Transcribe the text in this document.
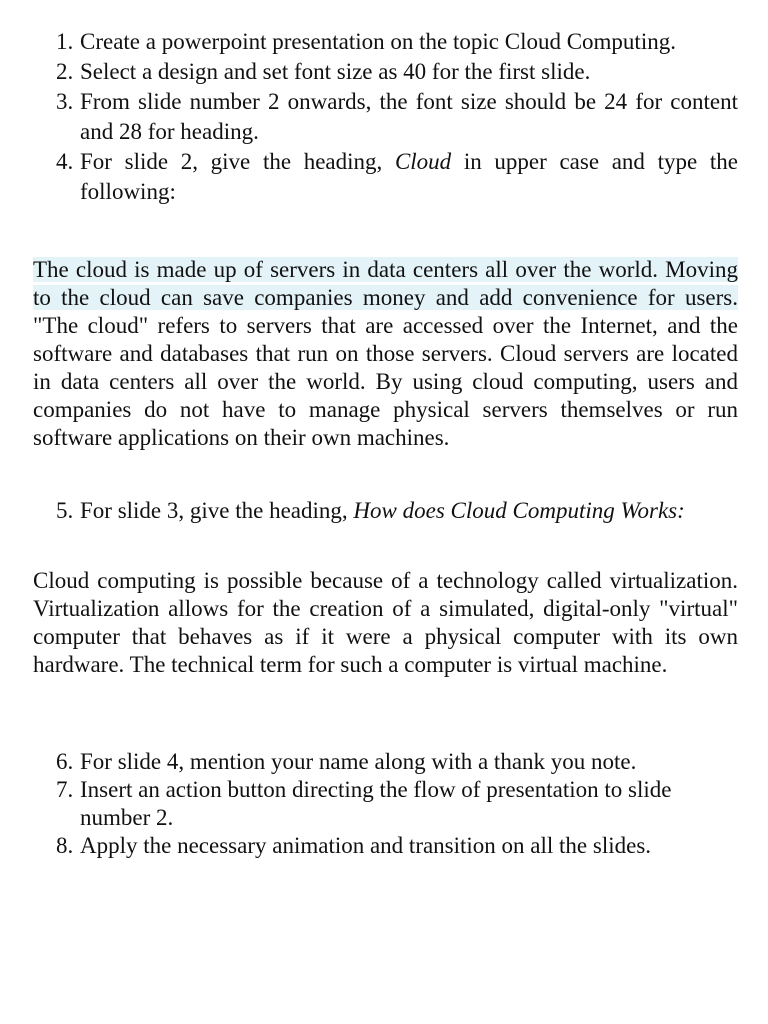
1. Create a powerpoint presentation on the topic Cloud Computing.
2. Select a design and set font size as 40 for the first slide.
3. From slide number 2 onwards, the font size should be 24 for content and 28 for heading.
4. For slide 2, give the heading, Cloud in upper case and type the following:
The cloud is made up of servers in data centers all over the world. Moving to the cloud can save companies money and add convenience for users. "The cloud" refers to servers that are accessed over the Internet, and the software and databases that run on those servers. Cloud servers are located in data centers all over the world. By using cloud computing, users and companies do not have to manage physical servers themselves or run software applications on their own machines.
5. For slide 3, give the heading, How does Cloud Computing Works:
Cloud computing is possible because of a technology called virtualization. Virtualization allows for the creation of a simulated, digital-only "virtual" computer that behaves as if it were a physical computer with its own hardware. The technical term for such a computer is virtual machine.
6. For slide 4, mention your name along with a thank you note.
7. Insert an action button directing the flow of presentation to slide number 2.
8. Apply the necessary animation and transition on all the slides.
